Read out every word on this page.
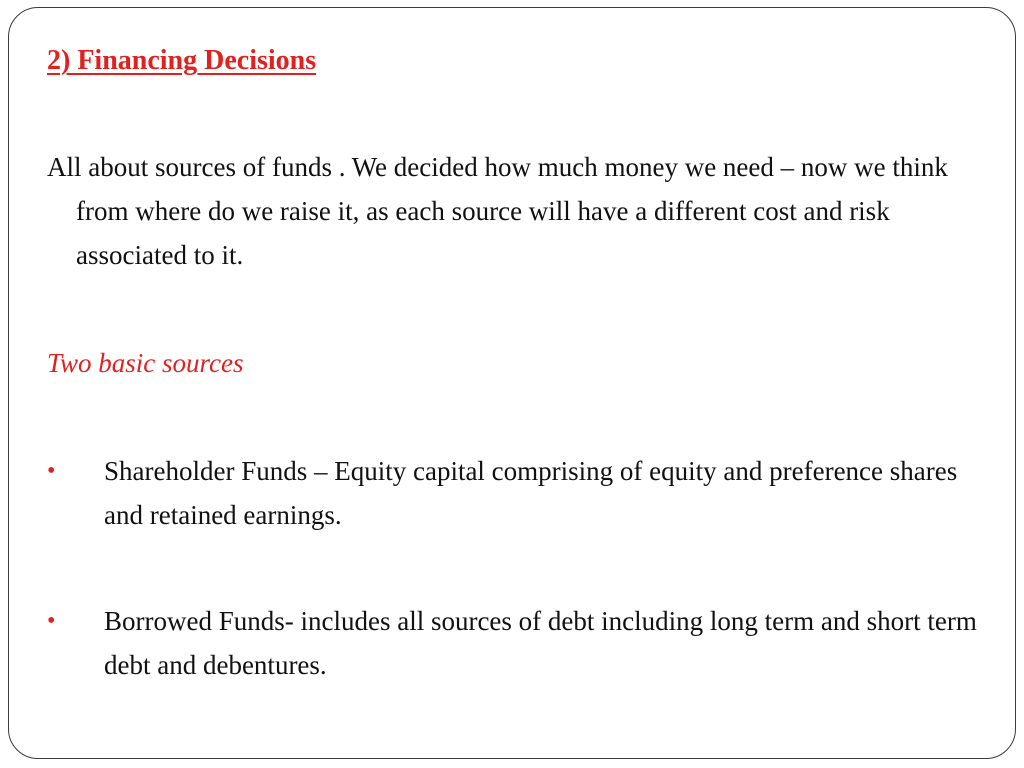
2) Financing Decisions
All about sources of funds . We decided how much money we need – now we think from where do we raise it, as each source will have a different cost and risk associated to it.
Two basic sources
• Shareholder Funds – Equity capital comprising of equity and preference shares and retained earnings.
• Borrowed Funds- includes all sources of debt including long term and short term debt and debentures.
